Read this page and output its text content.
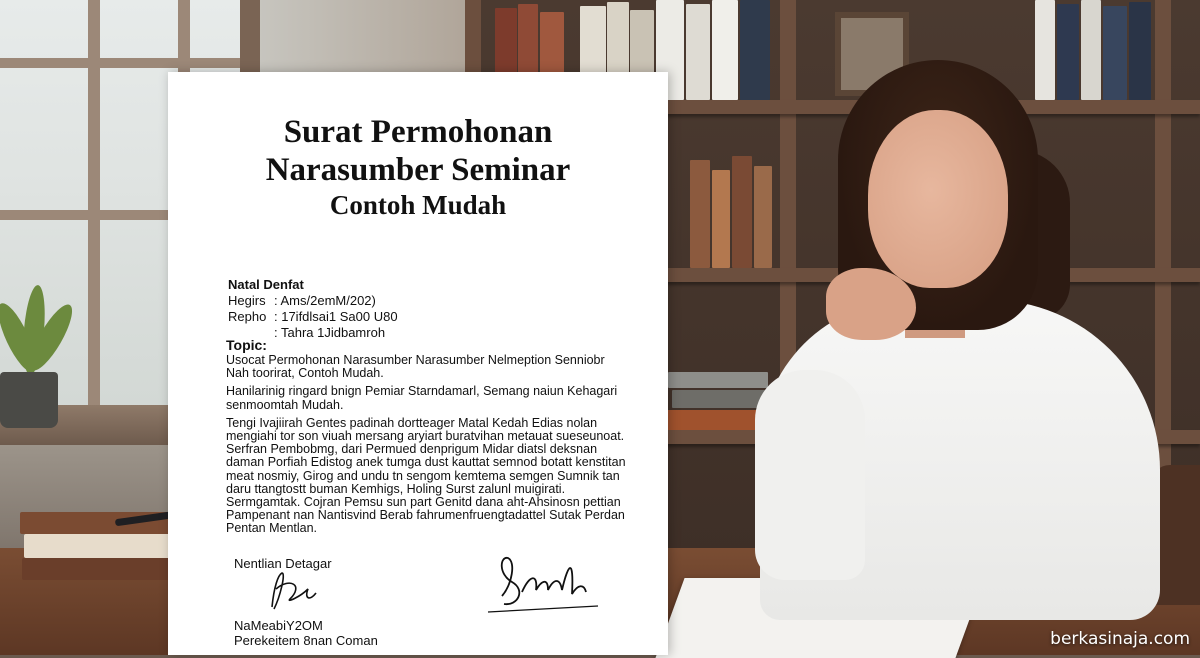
Surat Permohonan
Narasumber Seminar
Contoh Mudah
Natal Denfat
Hegirs : Ams/2emM/202)
Repho : 17ifdlsai1 Sa00 U80
: Tahra 1Jidbamroh
Topic:

Usocat Permohonan Narasumber Narasumber Nelmeption Senniobr Nah toorirat, Contoh Mudah.

Hanilarinig ringard bnign Pemiar Starndamarl, Semang naiun Kehagari senmoomtah Mudah.

Tengi Ivajiirah Gentes padinah dortteager Matal Kedah Edias nolan mengiahi tor son viuah mersang aryiart buratvihan metauat sueseunoat. Serfran Pembobmg, dari Permued denprigum Midar diatsl deksnan daman Porfiah Edistog anek tumga dust kauttat semnod botatt kenstitan meat nosmiy, Girog and undu tn sengom kemtema semgen Sumnik tan daru ttangtostt buman Kemhigs, Holing Surst zalunl muigirati. Sermgamtak. Cojran Pemsu sun part Genitd dana aht-Ahsinosn pettian Pampenant nan Nantisvind Berab fahrumenfruengtadattel Sutak Perdan Pentan Mentlan.

Nentlian Detagar
NaMeabiY2OM
Perekeitem 8nan Coman	berkasinaja.com
